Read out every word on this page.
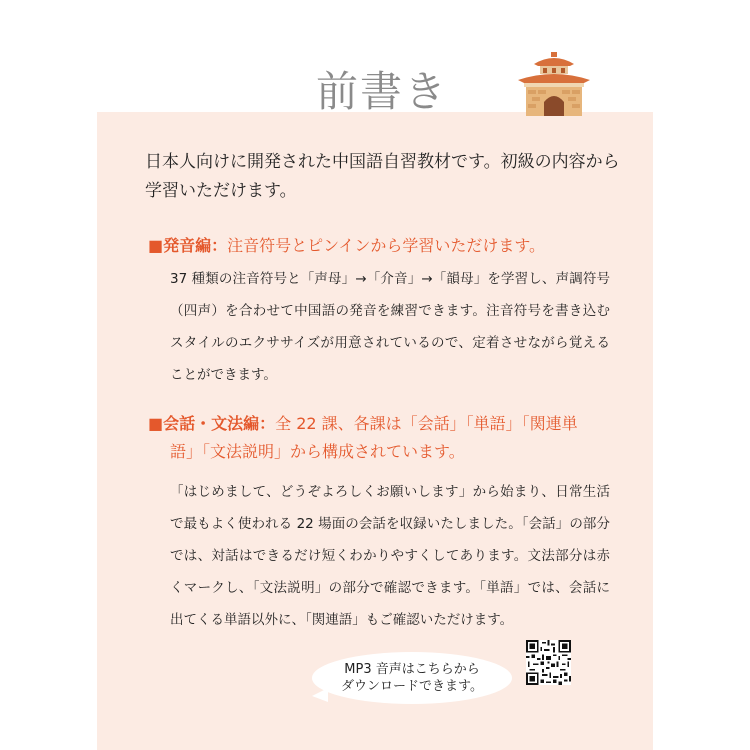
前書き
日本人向けに開発された中国語自習教材です。初級の内容から学習いただけます。
■発音編：注音符号とピンインから学習いただけます。
37 種類の注音符号と「声母」→「介音」→「韻母」を学習し、声調符号（四声）を合わせて中国語の発音を練習できます。注音符号を書き込むスタイルのエクササイズが用意されているので、定着させながら覚えることができます。
■会話・文法編：全 22 課、各課は「会話」「単語」「関連単
語」「文法説明」から構成されています。
「はじめまして、どうぞよろしくお願いします」から始まり、日常生活で最もよく使われる 22 場面の会話を収録いたしました。「会話」の部分では、対話はできるだけ短くわかりやすくしてあります。文法部分は赤くマークし、「文法説明」の部分で確認できます。「単語」では、会話に出てくる単語以外に、「関連語」もご確認いただけます。
MP3 音声はこちらから
ダウンロードできます。
